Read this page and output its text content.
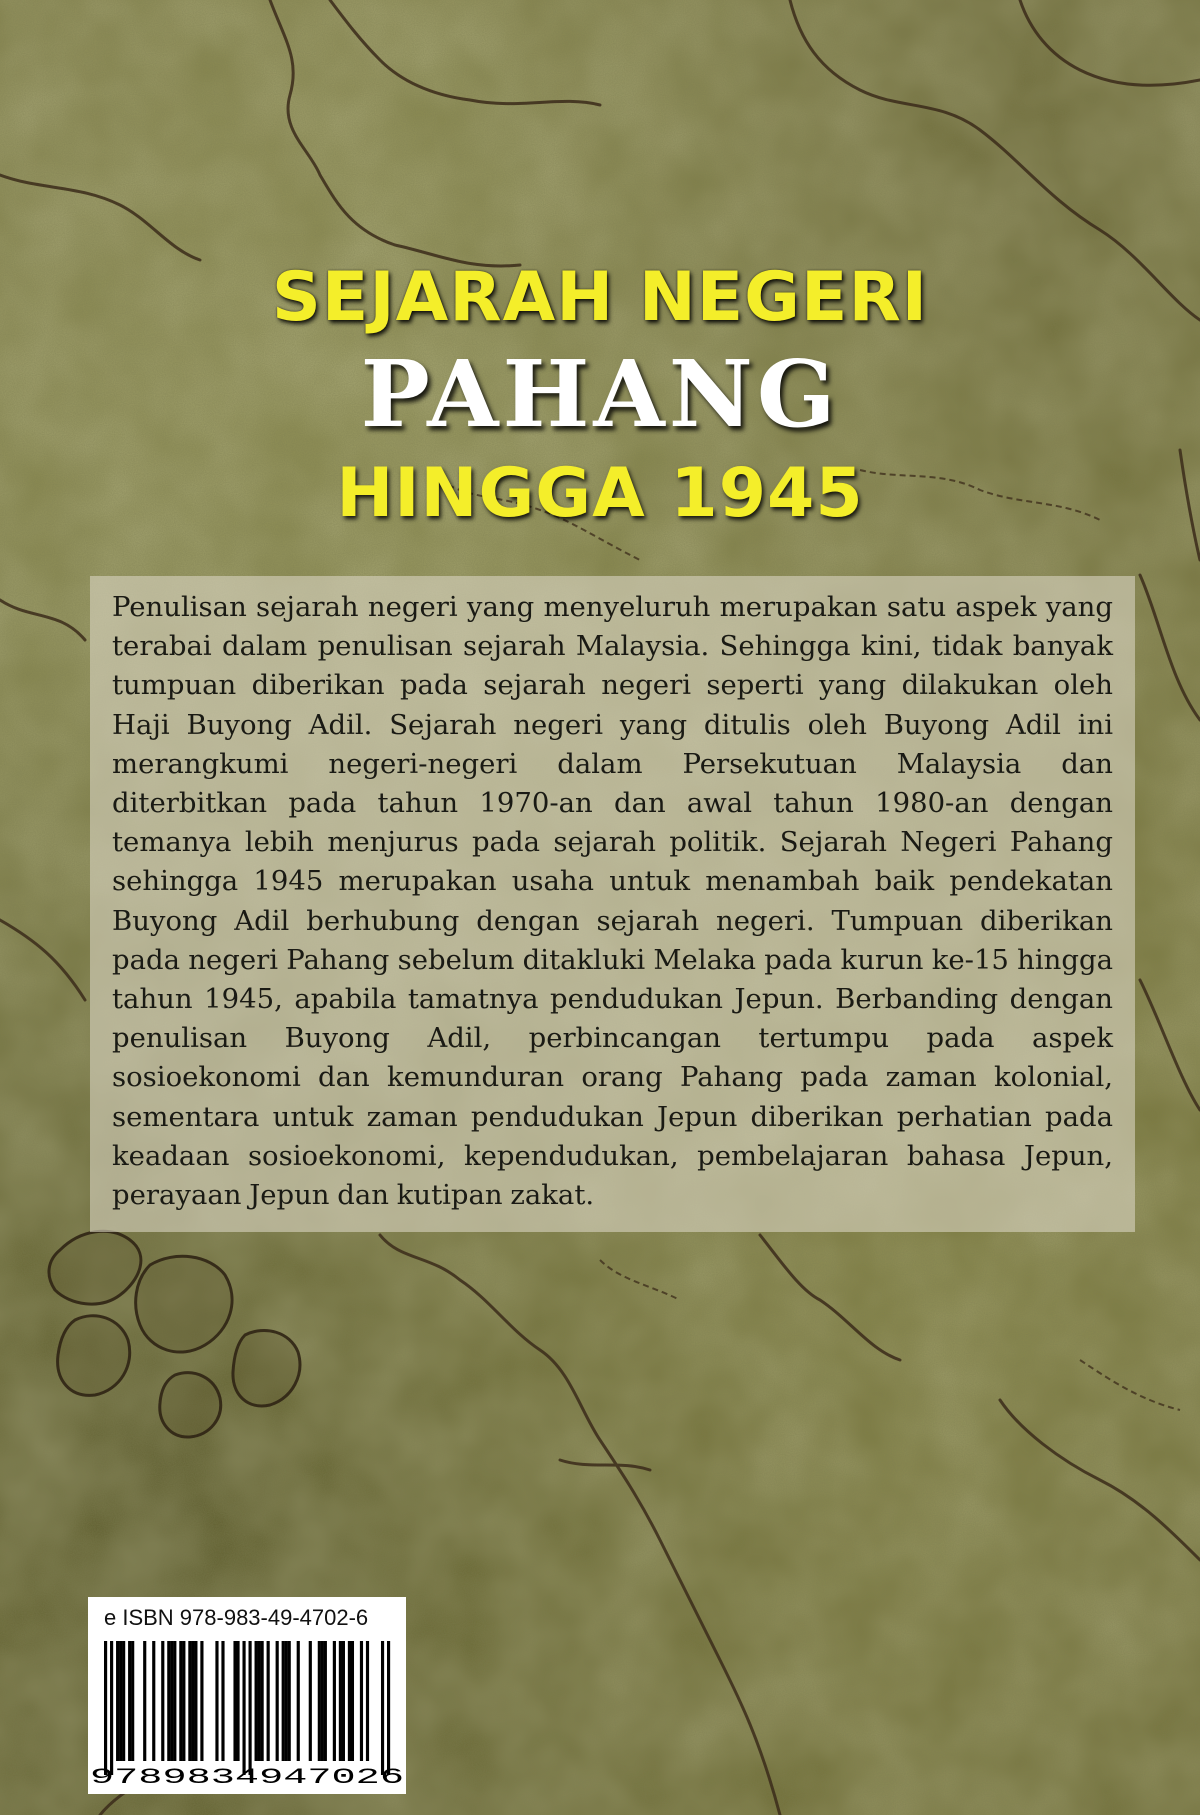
SEJARAH NEGERI
PAHANG
HINGGA 1945

Penulisan sejarah negeri yang menyeluruh merupakan satu aspek yang terabai dalam penulisan sejarah Malaysia. Sehingga kini, tidak banyak tumpuan diberikan pada sejarah negeri seperti yang dilakukan oleh Haji Buyong Adil. Sejarah negeri yang ditulis oleh Buyong Adil ini merangkumi negeri-negeri dalam Persekutuan Malaysia dan diterbitkan pada tahun 1970-an dan awal tahun 1980-an dengan temanya lebih menjurus pada sejarah politik. Sejarah Negeri Pahang sehingga 1945 merupakan usaha untuk menambah baik pendekatan Buyong Adil berhubung dengan sejarah negeri. Tumpuan diberikan pada negeri Pahang sebelum ditakluki Melaka pada kurun ke-15 hingga tahun 1945, apabila tamatnya pendudukan Jepun. Berbanding dengan penulisan Buyong Adil, perbincangan tertumpu pada aspek sosioekonomi dan kemunduran orang Pahang pada zaman kolonial, sementara untuk zaman pendudukan Jepun diberikan perhatian pada keadaan sosioekonomi, kependudukan, pembelajaran bahasa Jepun, perayaan Jepun dan kutipan zakat.

e ISBN 978-983-49-4702-6
9789834947026
